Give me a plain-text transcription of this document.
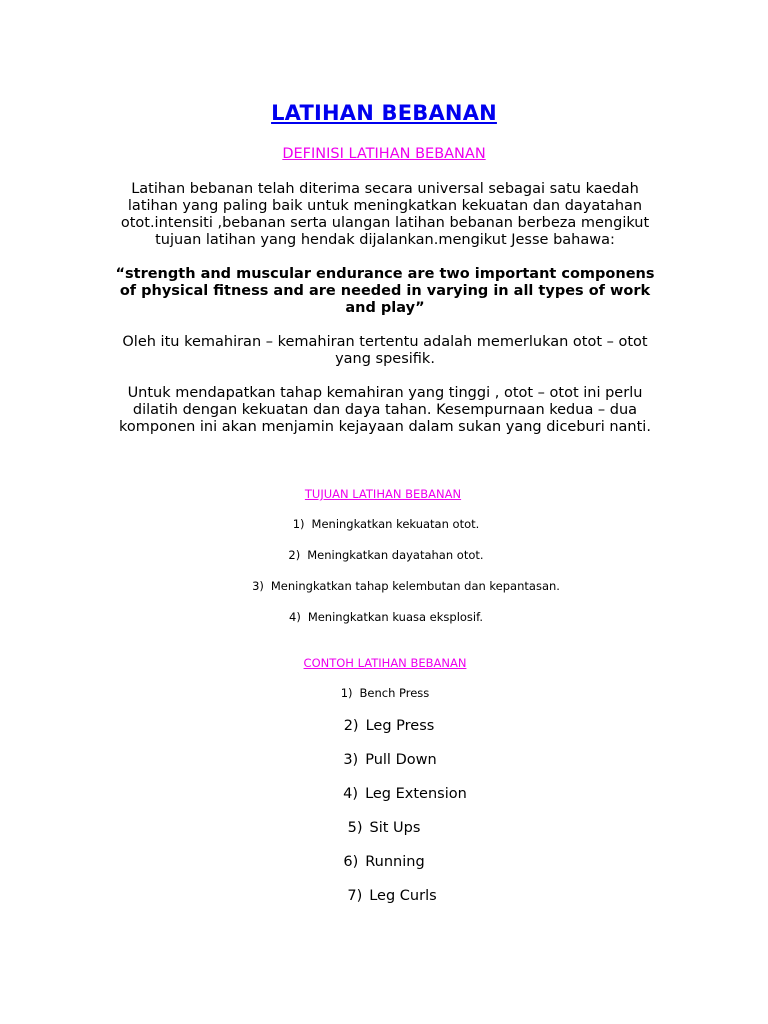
LATIHAN BEBANAN
DEFINISI LATIHAN BEBANAN
Latihan bebanan telah diterima secara universal sebagai satu kaedah
latihan yang paling baik untuk meningkatkan kekuatan dan dayatahan
otot.intensiti ,bebanan serta ulangan latihan bebanan berbeza mengikut
tujuan latihan yang hendak dijalankan.mengikut Jesse bahawa:
“strength and muscular endurance are two important componens
of physical fitness and are needed in varying in all types of work
and play”
Oleh itu kemahiran – kemahiran tertentu adalah memerlukan otot – otot
yang spesifik.
Untuk mendapatkan tahap kemahiran yang tinggi , otot – otot ini perlu
dilatih dengan kekuatan dan daya tahan. Kesempurnaan kedua – dua
komponen ini akan menjamin kejayaan dalam sukan yang diceburi nanti.
TUJUAN LATIHAN BEBANAN
1) Meningkatkan kekuatan otot.
2) Meningkatkan dayatahan otot.
3) Meningkatkan tahap kelembutan dan kepantasan.
4) Meningkatkan kuasa eksplosif.
CONTOH LATIHAN BEBANAN
1) Bench Press
2) Leg Press
3) Pull Down
4) Leg Extension
5) Sit Ups
6) Running
7) Leg Curls
